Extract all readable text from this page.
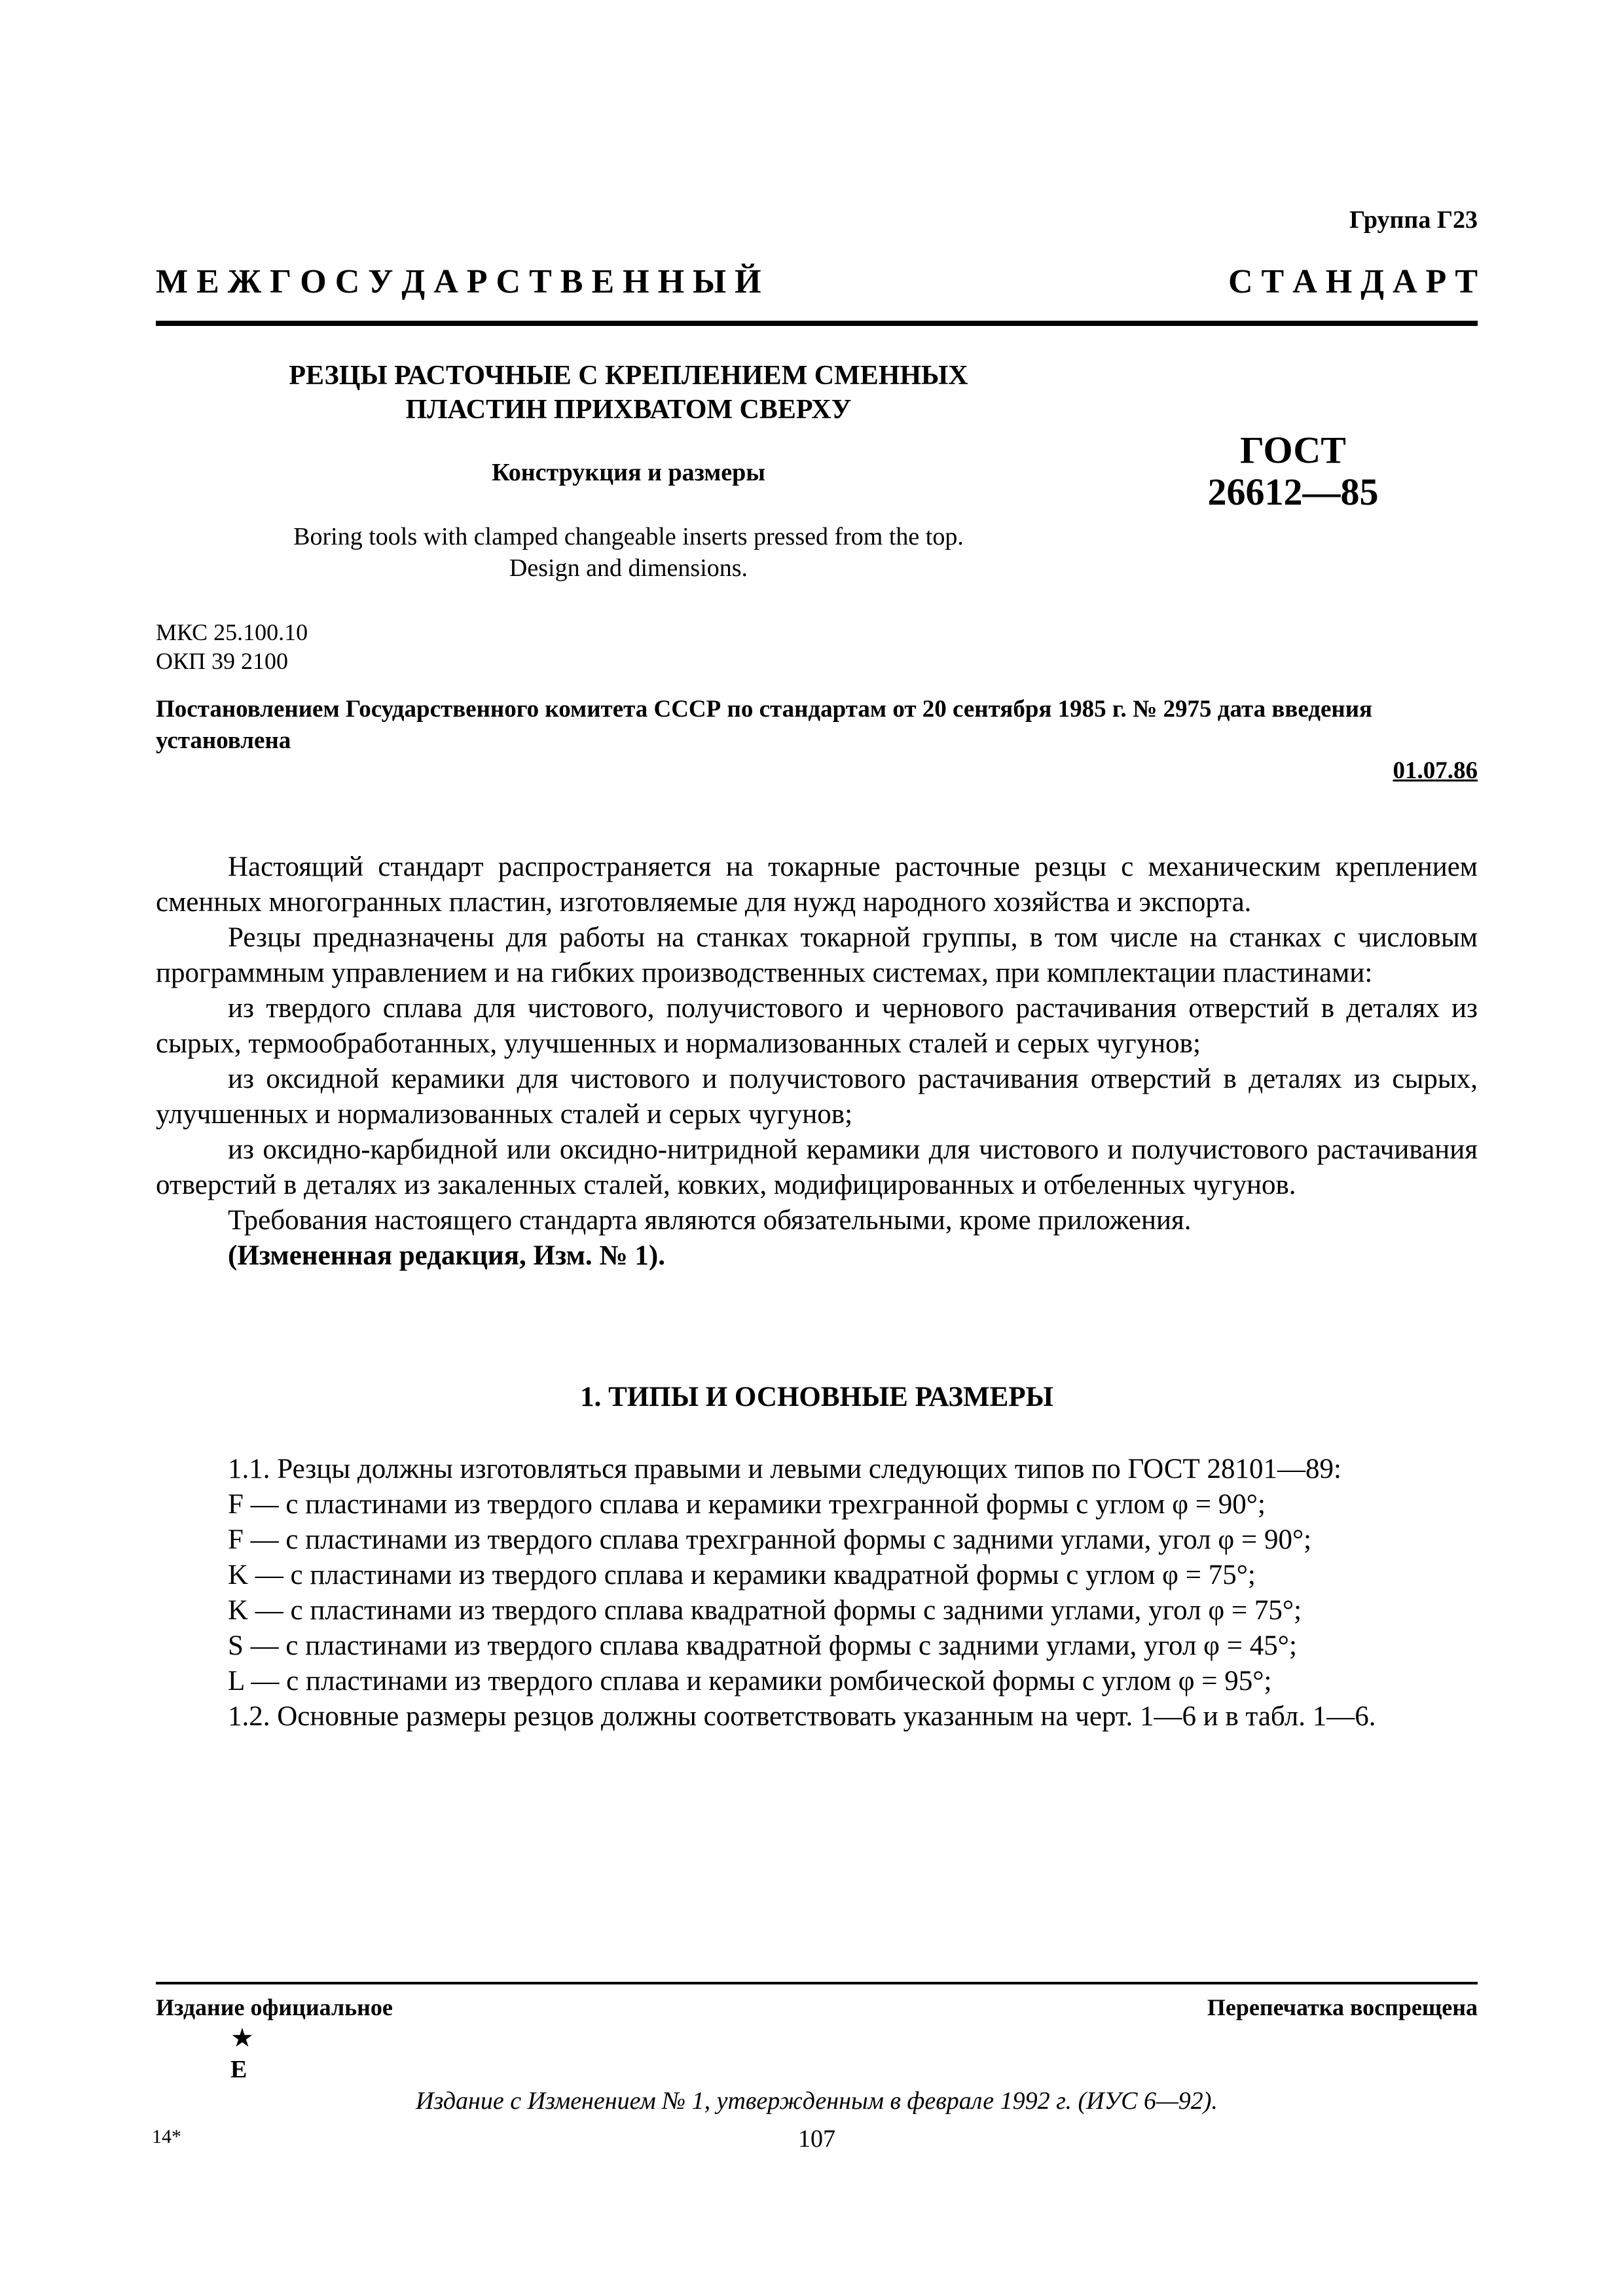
Группа Г23
М Е Ж Г О С У Д А Р С Т В Е Н Н Ы Й	С Т А Н Д А Р Т
РЕЗЦЫ РАСТОЧНЫЕ С КРЕПЛЕНИЕМ СМЕННЫХ
ПЛАСТИН ПРИХВАТОМ СВЕРХУ
Конструкция и размеры
Boring tools with clamped changeable inserts pressed from the top.
Design and dimensions.
ГОСТ
26612—85
МКС 25.100.10
ОКП 39 2100
Постановлением Государственного комитета СССР по стандартам от 20 сентября 1985 г. № 2975 дата введения установлена
01.07.86

Настоящий стандарт распространяется на токарные расточные резцы с механическим креплением сменных многогранных пластин, изготовляемые для нужд народного хозяйства и экспорта.

Резцы предназначены для работы на станках токарной группы, в том числе на станках с числовым программным управлением и на гибких производственных системах, при комплектации пластинами:

из твердого сплава для чистового, получистового и чернового растачивания отверстий в деталях из сырых, термообработанных, улучшенных и нормализованных сталей и серых чугунов;

из оксидной керамики для чистового и получистового растачивания отверстий в деталях из сырых, улучшенных и нормализованных сталей и серых чугунов;

из оксидно-карбидной или оксидно-нитридной керамики для чистового и получистового растачивания отверстий в деталях из закаленных сталей, ковких, модифицированных и отбеленных чугунов.

Требования настоящего стандарта являются обязательными, кроме приложения.

(Измененная редакция, Изм. № 1).

1. ТИПЫ И ОСНОВНЫЕ РАЗМЕРЫ
1.1. Резцы должны изготовляться правыми и левыми следующих типов по ГОСТ 28101—89:
F — с пластинами из твердого сплава и керамики трехгранной формы с углом φ = 90°;
F — с пластинами из твердого сплава трехгранной формы с задними углами, угол φ = 90°;
K — с пластинами из твердого сплава и керамики квадратной формы с углом φ = 75°;
K — с пластинами из твердого сплава квадратной формы с задними углами, угол φ = 75°;
S — с пластинами из твердого сплава квадратной формы с задними углами, угол φ = 45°;
L — с пластинами из твердого сплава и керамики ромбической формы с углом φ = 95°;
1.2. Основные размеры резцов должны соответствовать указанным на черт. 1—6 и в табл. 1—6.
Издание официальное	Перепечатка воспрещена
★
Е
Издание с Изменением № 1, утвержденным в феврале 1992 г. (ИУС 6—92).
14*	107
